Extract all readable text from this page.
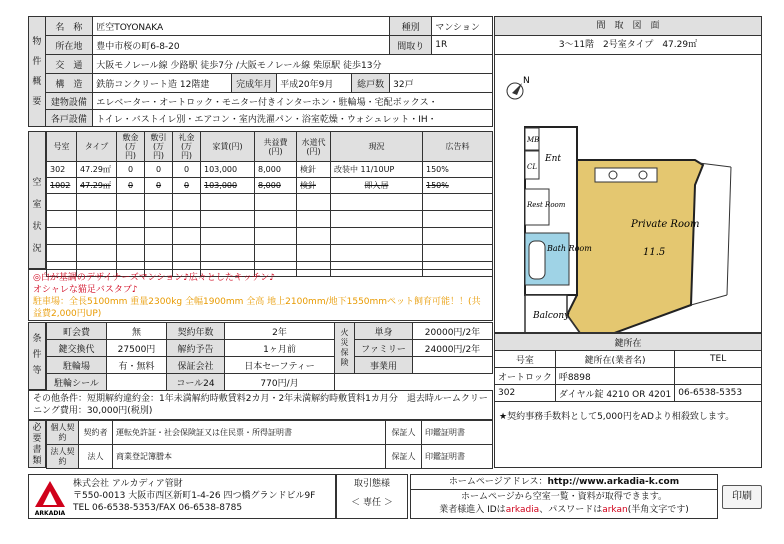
物件概要	名　称	匠空TOYONAKA				種別	マンション
	所在地	豊中市桜の町6-8-20				間取り	1R
	交　通	大阪モノレール線 少路駅 徒歩7分 /大阪モノレール線 柴原駅 徒歩13分					
	構　造	鉄筋コンクリート造 12階建	完成年月	平成20年9月	総戸数	32戸	
	建物設備	エレベーター・オートロック・モニター付きインターホン・駐輪場・宅配ボックス・					
	各戸設備	トイレ・バストイレ別・エアコン・室内洗濯パン・浴室乾燥・ウォシュレット・IH・					
空室状況
号室	タイプ	敷金(万円)	敷引(万円)	礼金(万円)	家賃(円)	共益費(円)	水道代(円)	現況	広告料
302	47.29㎡	0	0	0	103,000	8,000	検針	改装中 11/10UP	150%
1002	47.29㎡	0	0	0	103,000	8,000	検針	即入居	150%

◎白が基調のデザイナーズマンション♪広々としたキッチン♪
オシャレな猫足バスタブ♪
駐車場：全長5100mm 重量2300kg 全幅1900mm 全高 地上2100mm/地下1550mmペット飼育可能！！(共益費2,000円UP)
条件等
町会費	無	契約年数	2年	火災保険	単身	20000円/2年
鍵交換代	27500円	解約予告	1ヶ月前		ファミリー	24000円/2年
駐輪場	有・無料	保証会社	日本セーフティー		事業用	
駐輪シール		コール24	770円/月			
その他条件：短期解約違約金：1年未満解約時敷賃料2カ月・2年未満解約時敷賃料1カ月分　退去時ルームクリーニング費用：30,000円(税別)
必要書類
個人契約	契約者	運転免許証・社会保険証又は住民票・所得証明書	保証人	印鑑証明書
法人契約	法人	商業登記簿謄本	保証人	印鑑証明書
間　取　図　面
3～11階　2号室タイプ　47.29㎡
N
MB
CL
Ent
Rest Room
Bath Room
Balcony
Private Room
11.5
鍵所在		
号室	鍵所在(業者名)	TEL
オートロック	呼8898	
302	ダイヤル錠 4210 OR 4201	06-6538-5353
★契約事務手数料として5,000円をADより相殺致します。
ARKADIA
株式会社 アルカディア管財
〒550-0013 大阪市西区新町1-4-26 四つ橋グランドビル9F
TEL 06-6538-5353/FAX 06-6538-8785
取引態様
＜ 専任 ＞
ホームページアドレス：http://www.arkadia-k.com
ホームページから空室一覧・資料が取得できます。
業者様進入 IDはarkadia、パスワードはarkan(半角文字です)
印刷
